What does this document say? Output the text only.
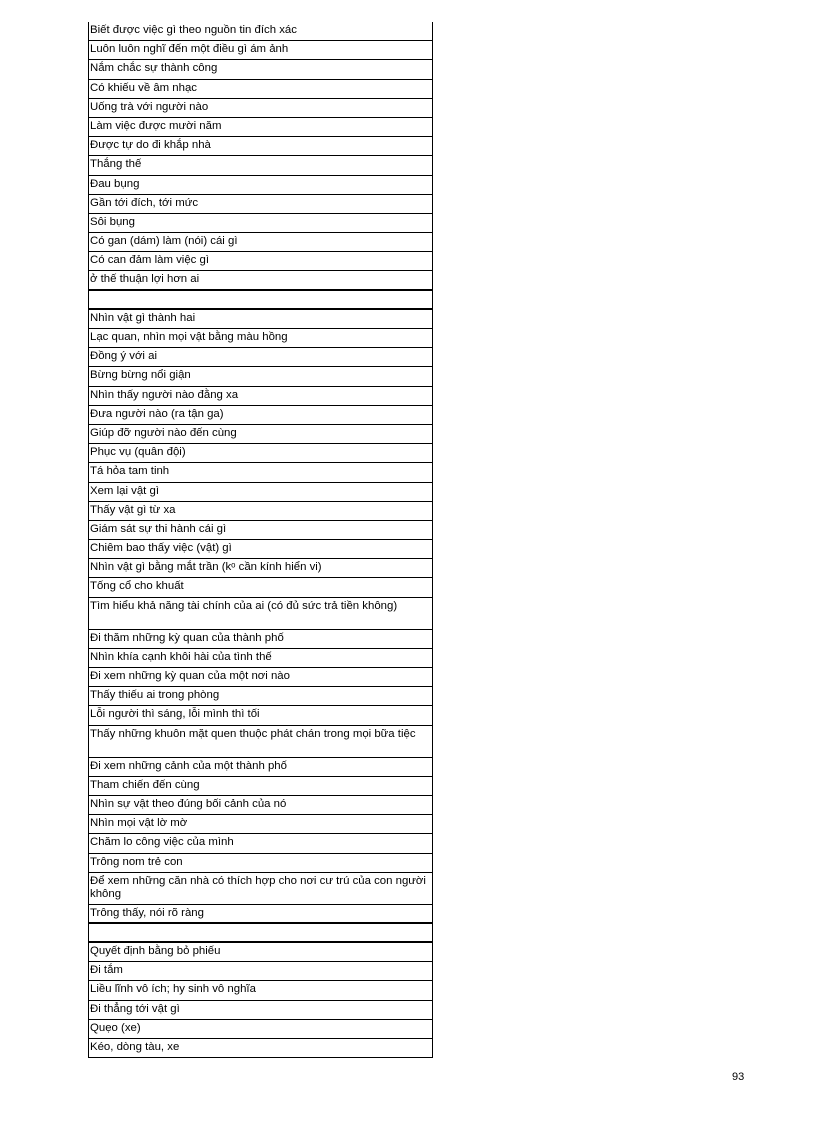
Biết được việc gì theo nguồn tin đích xác
Luôn luôn nghĩ đến một điều gì ám ảnh
Nắm chắc sự thành công
Có khiếu về âm nhạc
Uống trà với người nào
Làm việc được mười năm
Được tự do đi khắp nhà
Thắng thế
Đau bụng
Gần tới đích, tới mức
Sôi bụng
Có gan (dám) làm (nói) cái gì
Có can đảm làm việc gì
ở thế thuận lợi hơn ai
Nhìn vật gì thành hai
Lạc quan, nhìn mọi vật bằng màu hồng
Đồng ý với ai
Bừng bừng nổi giận
Nhìn thấy người nào đằng xa
Đưa người nào (ra tận ga)
Giúp đỡ người nào đến cùng
Phục vụ (quân đội)
Tá hỏa tam tinh
Xem lại vật gì
Thấy vật gì từ xa
Giám sát sự thi hành cái gì
Chiêm bao thấy việc (vật) gì
Nhìn vật gì bằng mắt trần (kᵒ cần kính hiển vi)
Tống cổ cho khuất
Tìm hiểu khả năng tài chính của ai (có đủ sức trả tiền không)
Đi thăm những kỳ quan của thành phố
Nhìn khía cạnh khôi hài của tình thế
Đi xem những kỳ quan của một nơi nào
Thấy thiếu ai trong phòng
Lỗi người thì sáng, lỗi mình thì tối
Thấy những khuôn mặt quen thuộc phát chán trong mọi bữa tiệc
Đi xem những cảnh của một thành phố
Tham chiến đến cùng
Nhìn sự vật theo đúng bối cảnh của nó
Nhìn mọi vật lờ mờ
Chăm lo công việc của mình
Trông nom trẻ con
Để xem những căn nhà có thích hợp cho nơi cư trú của con người không
Trông thấy, nói rõ ràng
Quyết định bằng bỏ phiếu
Đi tắm
Liều lĩnh vô ích; hy sinh vô nghĩa
Đi thẳng tới vật gì
Quẹo (xe)
Kéo, dòng tàu, xe
93
